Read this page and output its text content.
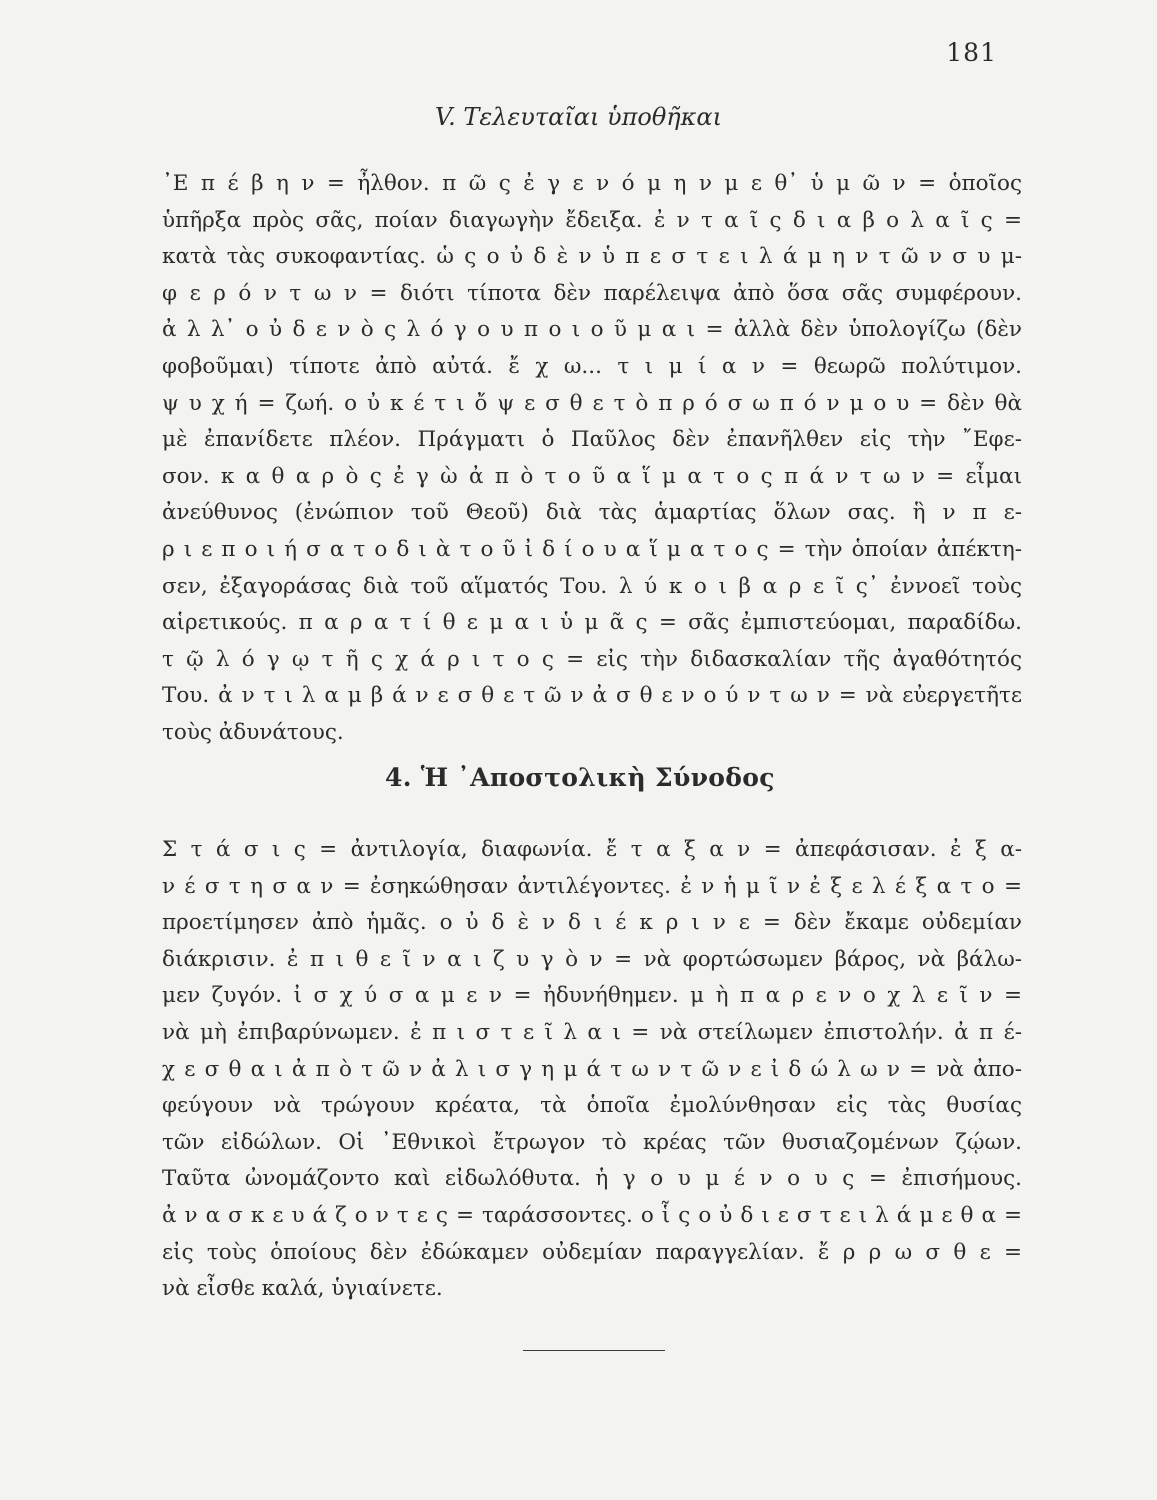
181
V. Τελευταῖαι ὑποθῆκαι
᾿Ε π έ β η ν = ἦλθον. π ῶ ς ἐ γ ε ν ό μ η ν μ ε θ᾿ ὑ μ ῶ ν = ὁποῖος
ὑπῆρξα πρὸς σᾶς, ποίαν διαγωγὴν ἔδειξα. ἐ ν τ α ῖ ς δ ι α β ο λ α ῖ ς =
κατὰ τὰς συκοφαντίας. ὡ ς ο ὐ δ ὲ ν ὑ π ε σ τ ε ι λ ά μ η ν τ ῶ ν σ υ μ-
φ ε ρ ό ν τ ω ν = διότι τίποτα δὲν παρέλειψα ἀπὸ ὅσα σᾶς συμφέρουν.
ἀ λ λ᾿ ο ὐ δ ε ν ὸ ς λ ό γ ο υ π ο ι ο ῦ μ α ι = ἀλλὰ δὲν ὑπολογίζω (δὲν
φοβοῦμαι) τίποτε ἀπὸ αὐτά. ἔ χ ω... τ ι μ ί α ν = θεωρῶ πολύτιμον.
ψ υ χ ή = ζωή. ο ὐ κ έ τ ι ὄ ψ ε σ θ ε τ ὸ π ρ ό σ ω π ό ν μ ο υ = δὲν θὰ
μὲ ἐπανίδετε πλέον. Πράγματι ὁ Παῦλος δὲν ἐπανῆλθεν εἰς τὴν ῎Εφε-
σον. κ α θ α ρ ὸ ς ἐ γ ὼ ἀ π ὸ τ ο ῦ α ἵ μ α τ ο ς π ά ν τ ω ν = εἶμαι
ἀνεύθυνος (ἐνώπιον τοῦ Θεοῦ) διὰ τὰς ἁμαρτίας ὅλων σας. ἣ ν π ε-
ρ ι ε π ο ι ή σ α τ ο δ ι ὰ τ ο ῦ ἰ δ ί ο υ α ἵ μ α τ ο ς = τὴν ὁποίαν ἀπέκτη-
σεν, ἐξαγοράσας διὰ τοῦ αἵματός Του. λ ύ κ ο ι β α ρ ε ῖ ς᾿ ἐννοεῖ τοὺς
αἱρετικούς. π α ρ α τ ί θ ε μ α ι ὑ μ ᾶ ς = σᾶς ἐμπιστεύομαι, παραδίδω.
τ ῷ λ ό γ ῳ τ ῆ ς χ ά ρ ι τ ο ς = εἰς τὴν διδασκαλίαν τῆς ἀγαθότητός
Του. ἀ ν τ ι λ α μ β ά ν ε σ θ ε τ ῶ ν ἀ σ θ ε ν ο ύ ν τ ω ν = νὰ εὐεργετῆτε
τοὺς ἀδυνάτους.
4. Ἡ ᾿Αποστολικὴ Σύνοδος
Σ τ ά σ ι ς = ἀντιλογία, διαφωνία. ἔ τ α ξ α ν = ἀπεφάσισαν. ἐ ξ α-
ν έ σ τ η σ α ν = ἐσηκώθησαν ἀντιλέγοντες. ἐ ν ἡ μ ῖ ν ἐ ξ ε λ έ ξ α τ ο =
προετίμησεν ἀπὸ ἡμᾶς. ο ὐ δ ὲ ν δ ι έ κ ρ ι ν ε = δὲν ἔκαμε οὐδεμίαν
διάκρισιν. ἐ π ι θ ε ῖ ν α ι ζ υ γ ὸ ν = νὰ φορτώσωμεν βάρος, νὰ βάλω-
μεν ζυγόν. ἰ σ χ ύ σ α μ ε ν = ἠδυνήθημεν. μ ὴ π α ρ ε ν ο χ λ ε ῖ ν =
νὰ μὴ ἐπιβαρύνωμεν. ἐ π ι σ τ ε ῖ λ α ι = νὰ στείλωμεν ἐπιστολήν. ἀ π έ-
χ ε σ θ α ι ἀ π ὸ τ ῶ ν ἀ λ ι σ γ η μ ά τ ω ν τ ῶ ν ε ἰ δ ώ λ ω ν = νὰ ἀπο-
φεύγουν νὰ τρώγουν κρέατα, τὰ ὁποῖα ἐμολύνθησαν εἰς τὰς θυσίας
τῶν εἰδώλων. Οἱ ᾿Εθνικοὶ ἔτρωγον τὸ κρέας τῶν θυσιαζομένων ζῴων.
Ταῦτα ὠνομάζοντο καὶ εἰδωλόθυτα. ἡ γ ο υ μ έ ν ο υ ς = ἐπισήμους.
ἀ ν α σ κ ε υ ά ζ ο ν τ ε ς = ταράσσοντες. ο ἷ ς ο ὐ δ ι ε σ τ ε ι λ ά μ ε θ α =
εἰς τοὺς ὁποίους δὲν ἐδώκαμεν οὐδεμίαν παραγγελίαν. ἔ ρ ρ ω σ θ ε =
νὰ εἶσθε καλά, ὑγιαίνετε.
